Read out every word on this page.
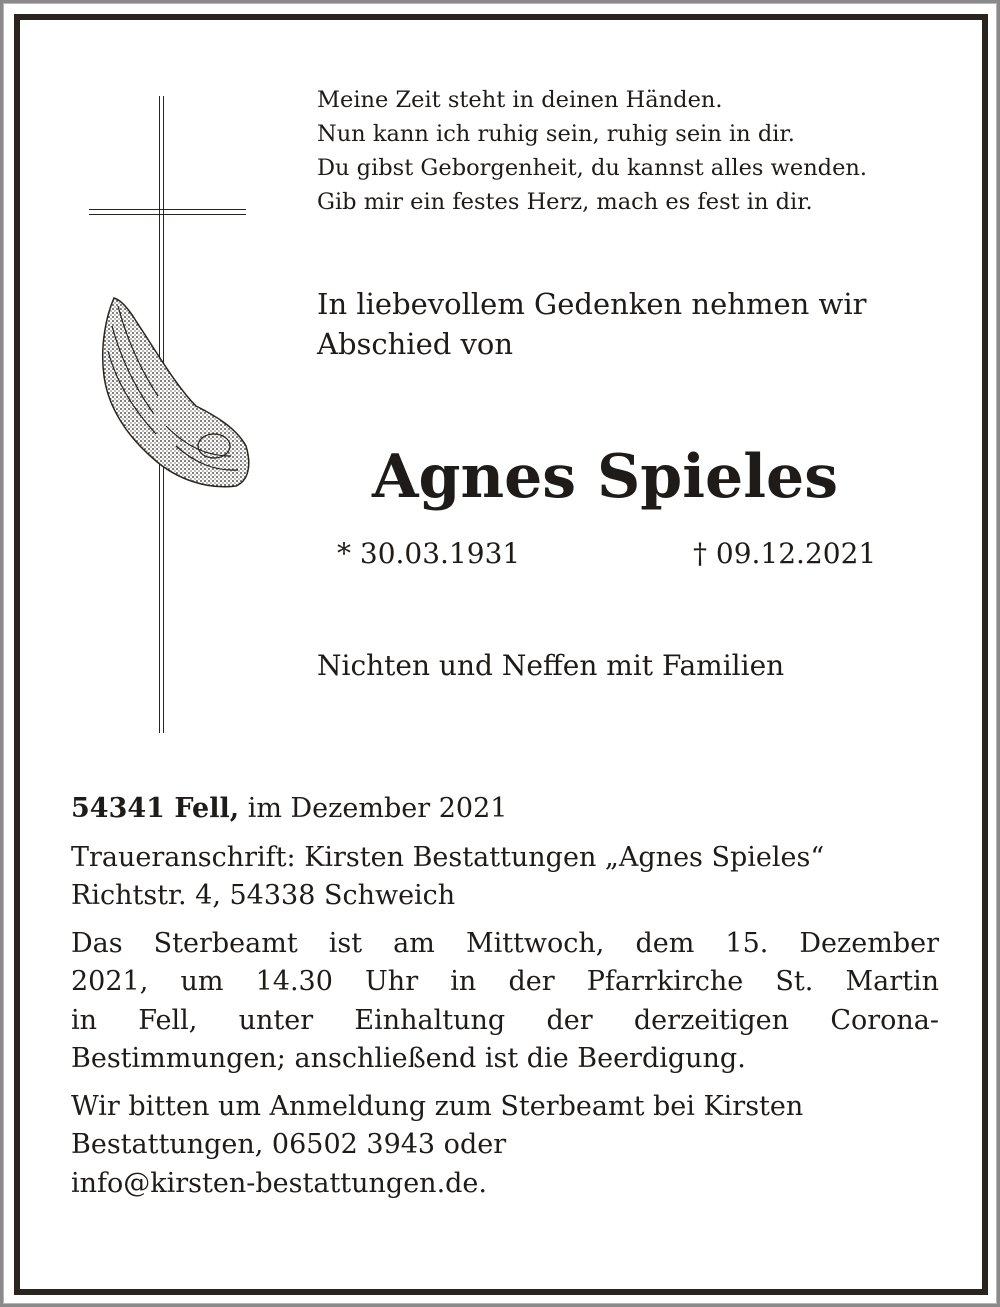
Meine Zeit steht in deinen Händen.
Nun kann ich ruhig sein, ruhig sein in dir.
Du gibst Geborgenheit, du kannst alles wenden.
Gib mir ein festes Herz, mach es fest in dir.
In liebevollem Gedenken nehmen wir
Abschied von
Agnes Spieles
* 30.03.1931	† 09.12.2021
Nichten und Neffen mit Familien
54341 Fell, im Dezember 2021
Traueranschrift: Kirsten Bestattungen „Agnes Spieles“
Richtstr. 4, 54338 Schweich
Das Sterbeamt ist am Mittwoch, dem 15. Dezember
2021, um 14.30 Uhr in der Pfarrkirche St. Martin
in Fell, unter Einhaltung der derzeitigen Corona-
Bestimmungen; anschließend ist die Beerdigung.
Wir bitten um Anmeldung zum Sterbeamt bei Kirsten
Bestattungen, 06502 3943 oder
info@kirsten-bestattungen.de.
